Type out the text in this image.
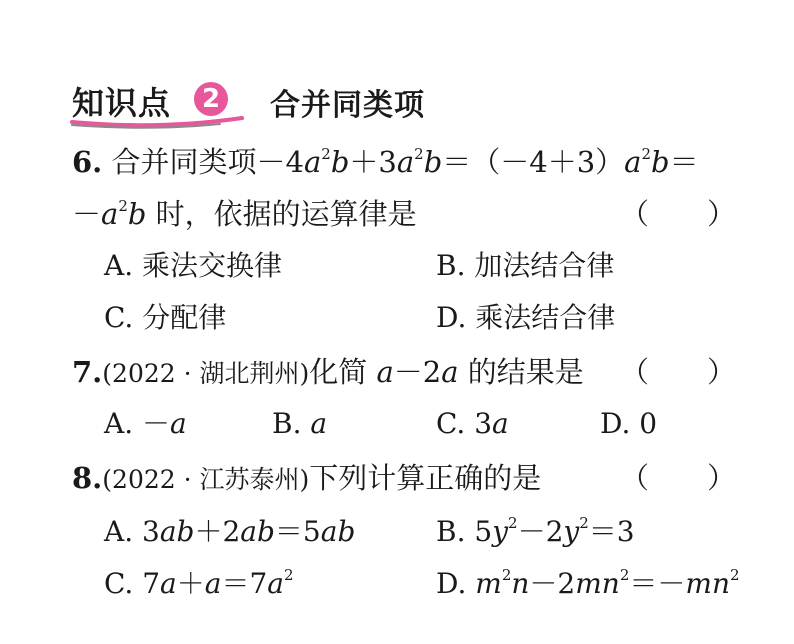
知识点	2 合并同类项
6. 合并同类项$-4a^2b+3a^2b=(-4+3)a^2b=$
$-a^2b$ 时，依据的运算律是	（　　）
A. 乘法交换律	B. 加法结合律
C. 分配律	D. 乘法结合律
7.(2022 · 湖北荆州)化简 a－2a 的结果是 （　　）
A. －a	B. a	C. 3a	D. 0
8.(2022 · 江苏泰州)下列计算正确的是	（　　）
A. 3ab＋2ab＝5ab	B. $5y^2-2y^2=3$
C. $7a+a=7a^2$	D. $m^2n-2mn^2=-mn^2$
